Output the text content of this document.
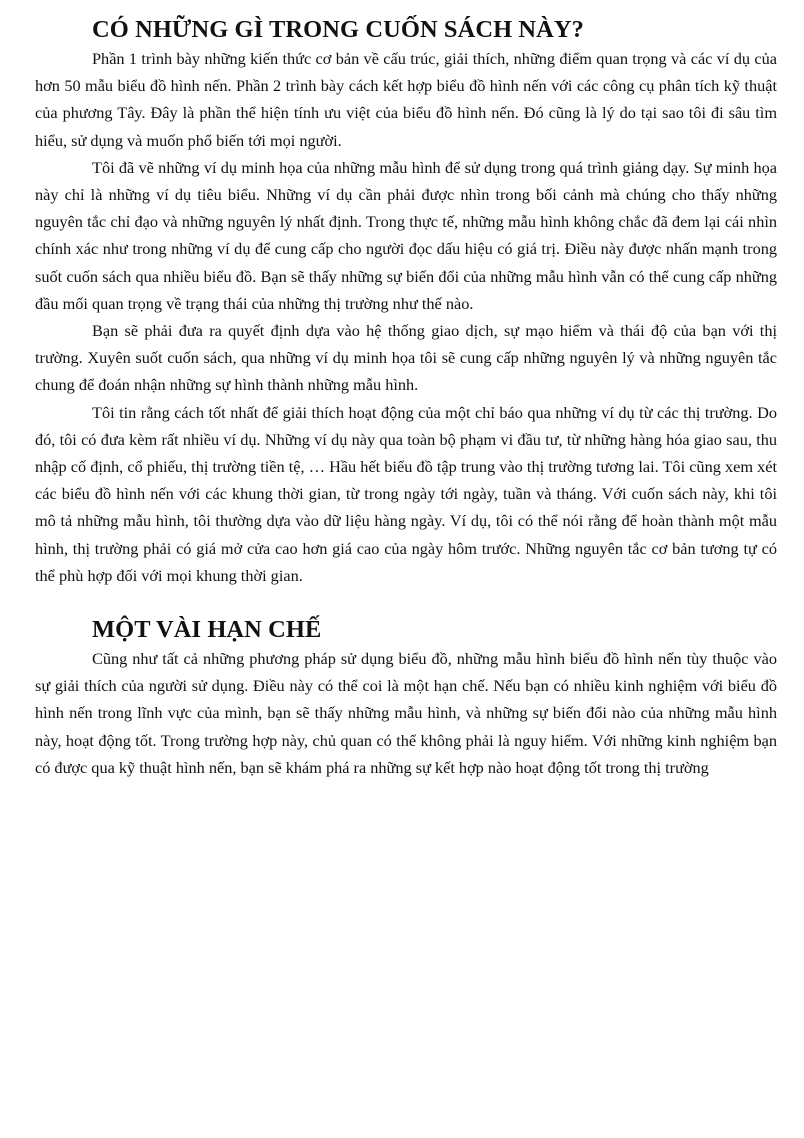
CÓ NHỮNG GÌ TRONG CUỐN SÁCH NÀY?

Phần 1 trình bày những kiến thức cơ bản về cấu trúc, giải thích, những điểm quan trọng và các ví dụ của hơn 50 mẫu biểu đồ hình nến. Phần 2 trình bày cách kết hợp biểu đồ hình nến với các công cụ phân tích kỹ thuật của phương Tây. Đây là phần thể hiện tính ưu việt của biểu đồ hình nến. Đó cũng là lý do tại sao tôi đi sâu tìm hiểu, sử dụng và muốn phổ biến tới mọi người.

Tôi đã vẽ những ví dụ minh họa của những mẫu hình để sử dụng trong quá trình giảng dạy. Sự minh họa này chỉ là những ví dụ tiêu biểu. Những ví dụ cần phải được nhìn trong bối cảnh mà chúng cho thấy những nguyên tắc chỉ đạo và những nguyên lý nhất định. Trong thực tế, những mẫu hình không chắc đã đem lại cái nhìn chính xác như trong những ví dụ để cung cấp cho người đọc dấu hiệu có giá trị. Điều này được nhấn mạnh trong suốt cuốn sách qua nhiều biểu đồ. Bạn sẽ thấy những sự biến đổi của những mẫu hình vẫn có thể cung cấp những đầu mối quan trọng về trạng thái của những thị trường như thế nào.

Bạn sẽ phải đưa ra quyết định dựa vào hệ thống giao dịch, sự mạo hiểm và thái độ của bạn với thị trường. Xuyên suốt cuốn sách, qua những ví dụ minh họa tôi sẽ cung cấp những nguyên lý và những nguyên tắc chung để đoán nhận những sự hình thành những mẫu hình.

Tôi tin rằng cách tốt nhất để giải thích hoạt động của một chỉ báo qua những ví dụ từ các thị trường. Do đó, tôi có đưa kèm rất nhiều ví dụ. Những ví dụ này qua toàn bộ phạm vi đầu tư, từ những hàng hóa giao sau, thu nhập cố định, cổ phiếu, thị trường tiền tệ, … Hầu hết biểu đồ tập trung vào thị trường tương lai. Tôi cũng xem xét các biểu đồ hình nến với các khung thời gian, từ trong ngày tới ngày, tuần và tháng. Với cuốn sách này, khi tôi mô tả những mẫu hình, tôi thường dựa vào dữ liệu hàng ngày. Ví dụ, tôi có thể nói rằng để hoàn thành một mẫu hình, thị trường phải có giá mở cửa cao hơn giá cao của ngày hôm trước. Những nguyên tắc cơ bản tương tự có thể phù hợp đối với mọi khung thời gian.

MỘT VÀI HẠN CHẾ

Cũng như tất cả những phương pháp sử dụng biểu đồ, những mẫu hình biểu đồ hình nến tùy thuộc vào sự giải thích của người sử dụng. Điều này có thể coi là một hạn chế. Nếu bạn có nhiều kinh nghiệm với biểu đồ hình nến trong lĩnh vực của mình, bạn sẽ thấy những mẫu hình, và những sự biến đổi nào của những mẫu hình này, hoạt động tốt. Trong trường hợp này, chủ quan có thể không phải là nguy hiểm. Với những kinh nghiệm bạn có được qua kỹ thuật hình nến, bạn sẽ khám phá ra những sự kết hợp nào hoạt động tốt trong thị trường
